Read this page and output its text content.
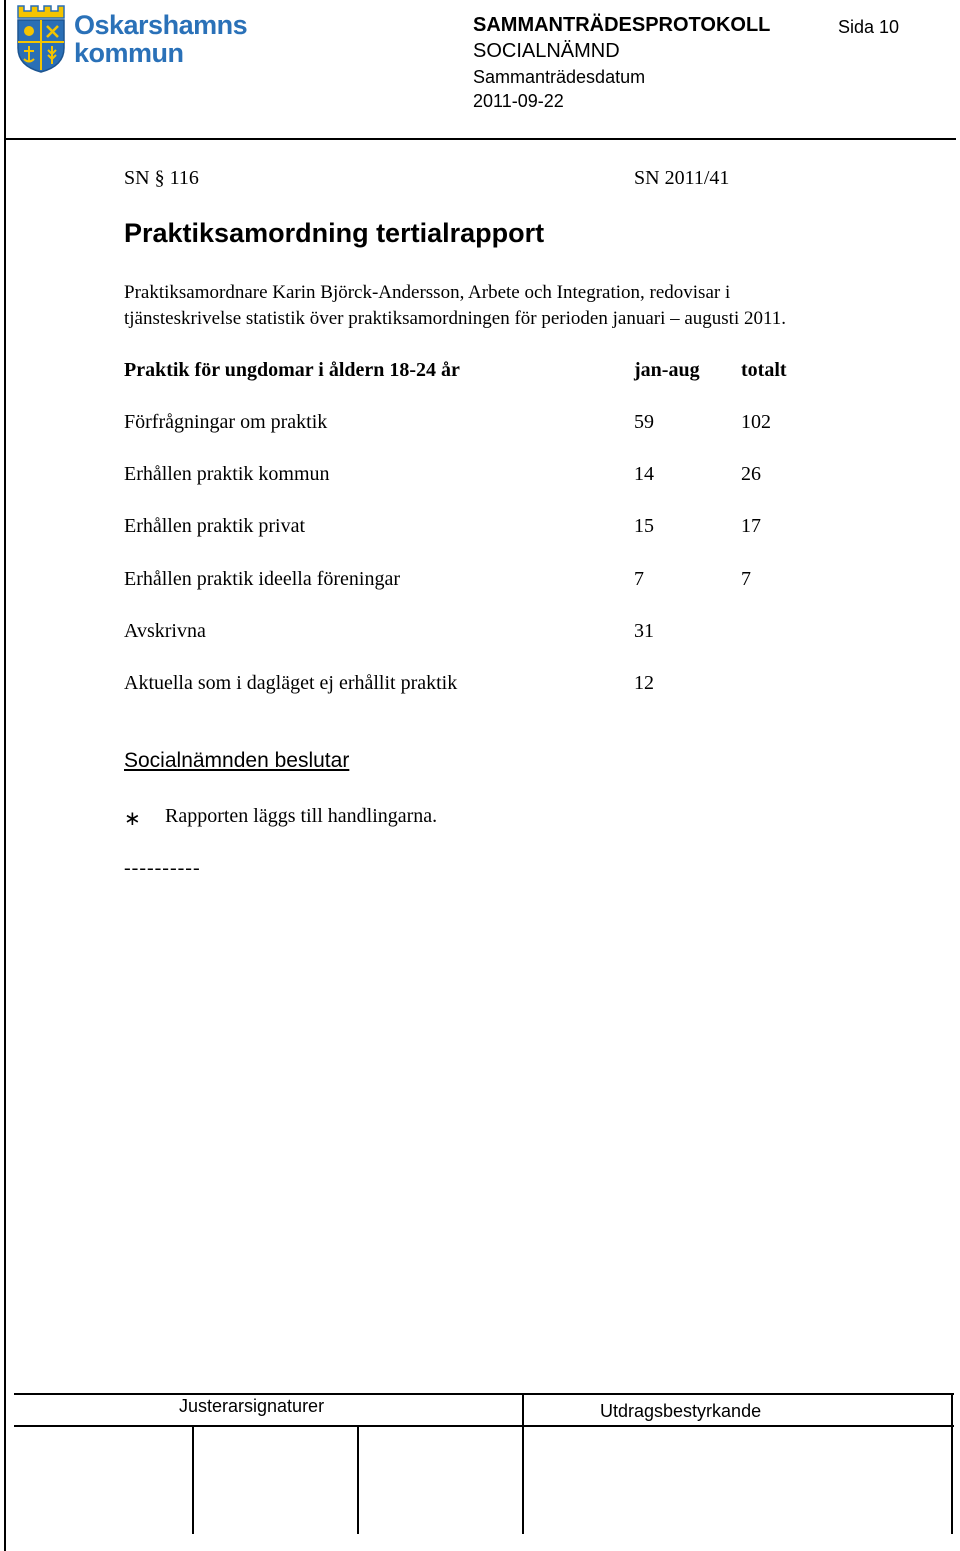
Oskarshamns
kommun
SAMMANTRÄDESPROTOKOLL	Sida 10
SOCIALNÄMND
Sammanträdesdatum
2011-09-22
SN § 116	SN 2011/41
Praktiksamordning tertialrapport
Praktiksamordnare Karin Björck-Andersson, Arbete och Integration, redovisar i
tjänsteskrivelse statistik över praktiksamordningen för perioden januari – augusti 2011.
Praktik för ungdomar i åldern 18-24 år	jan-aug totalt
Förfrågningar om praktik	59	102
Erhållen praktik kommun	14	26
Erhållen praktik privat	15	17
Erhållen praktik ideella föreningar	7	7
Avskrivna	31
Aktuella som i dagläget ej erhållit praktik	12
Socialnämnden beslutar
∗ Rapporten läggs till handlingarna.
----------
Justerarsignaturer	Utdragsbestyrkande
